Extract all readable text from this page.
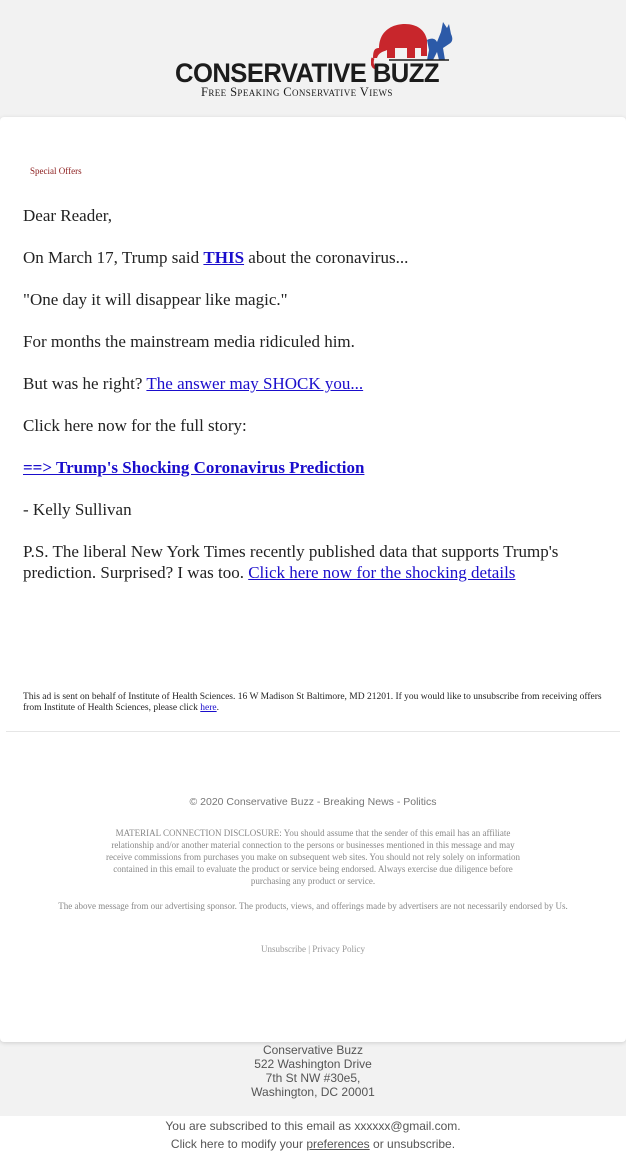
CONSERVATIVE BUZZ
Free Speaking Conservative Views
Special Offers

Dear Reader,

On March 17, Trump said THIS about the coronavirus...

"One day it will disappear like magic."

For months the mainstream media ridiculed him.

But was he right? The answer may SHOCK you...

Click here now for the full story:

==> Trump's Shocking Coronavirus Prediction

- Kelly Sullivan

P.S. The liberal New York Times recently published data that supports Trump's prediction. Surprised? I was too. Click here now for the shocking details

This ad is sent on behalf of Institute of Health Sciences. 16 W Madison St Baltimore, MD 21201. If you would like to unsubscribe from receiving offers from Institute of Health Sciences, please click here.
© 2020 Conservative Buzz - Breaking News - Politics
MATERIAL CONNECTION DISCLOSURE: You should assume that the sender of this email has an affiliate relationship and/or another material connection to the persons or businesses mentioned in this message and may receive commissions from purchases you make on subsequent web sites. You should not rely solely on information contained in this email to evaluate the product or service being endorsed. Always exercise due diligence before purchasing any product or service.
The above message from our advertising sponsor. The products, views, and offerings made by advertisers are not necessarily endorsed by Us.
Unsubscribe | Privacy Policy
Conservative Buzz
522 Washington Drive
7th St NW #30e5,
Washington, DC 20001
You are subscribed to this email as xxxxxx@gmail.com.
Click here to modify your preferences or unsubscribe.
